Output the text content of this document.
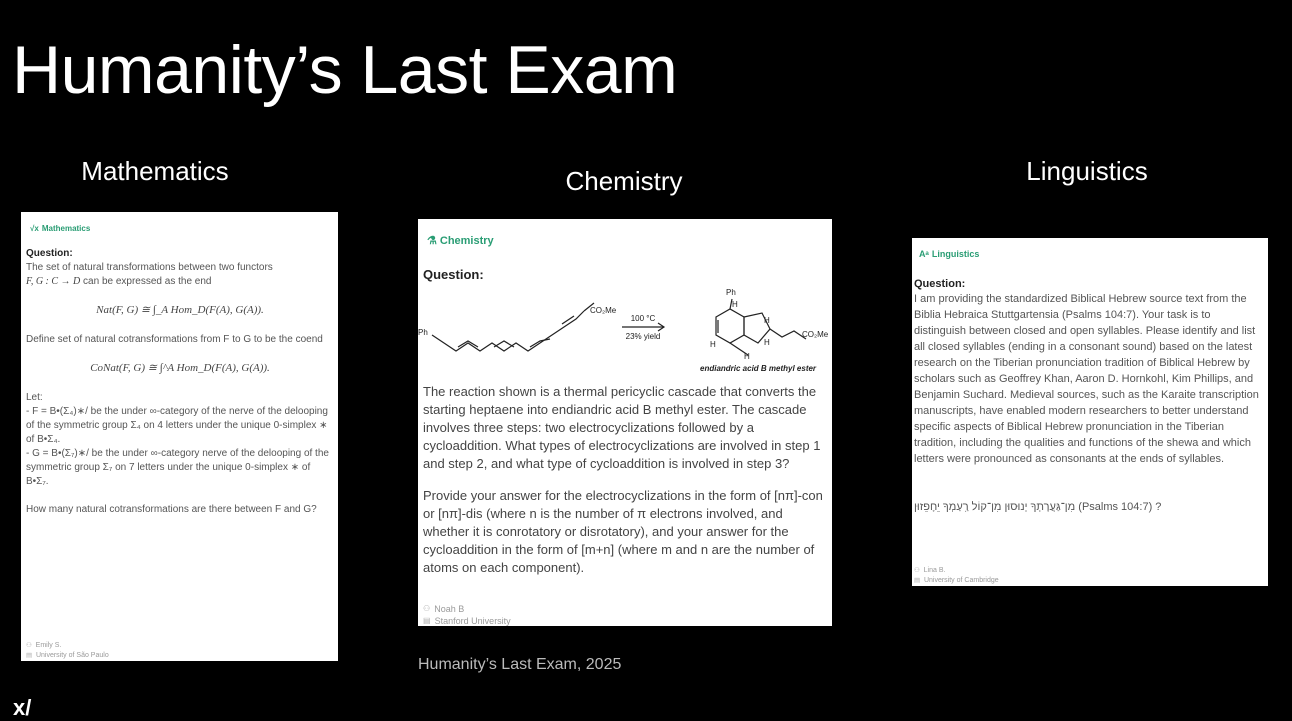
Humanity’s Last Exam
Mathematics	Chemistry	Linguistics
√x Mathematics
Question:
The set of natural transformations between two functors
F, G : C → D can be expressed as the end
Nat(F, G) ≅ ∫_A Hom_D(F(A), G(A)).
Define set of natural cotransformations from F to G to be the coend
CoNat(F, G) ≅ ∫^A Hom_D(F(A), G(A)).
Let:
- F = B•(Σ₄)∗/ be the under ∞-category of the nerve of the delooping of the symmetric group Σ₄ on 4 letters under the unique 0-simplex ∗ of B•Σ₄.
- G = B•(Σ₇)∗/ be the under ∞-category nerve of the delooping of the symmetric group Σ₇ on 7 letters under the unique 0-simplex ∗ of B•Σ₇.
How many natural cotransformations are there between F and G?
⚇ Emily S.
▤ University of São Paulo
⚗ Chemistry
Question:
Ph
CO₂Me
100 °C
23% yield
Ph
CO₂Me
H
H
H
H
H
endiandric acid B methyl ester
The reaction shown is a thermal pericyclic cascade that converts the starting heptaene into endiandric acid B methyl ester. The cascade involves three steps: two electrocyclizations followed by a cycloaddition. What types of electrocyclizations are involved in step 1 and step 2, and what type of cycloaddition is involved in step 3?
Provide your answer for the electrocyclizations in the form of [nπ]-con or [nπ]-dis (where n is the number of π electrons involved, and whether it is conrotatory or disrotatory), and your answer for the cycloaddition in the form of [m+n] (where m and n are the number of atoms on each component).
⚇ Noah B
▤ Stanford University
Aᵃ Linguistics
Question:
I am providing the standardized Biblical Hebrew source text from the Biblia Hebraica Stuttgartensia (Psalms 104:7). Your task is to distinguish between closed and open syllables. Please identify and list all closed syllables (ending in a consonant sound) based on the latest research on the Tiberian pronunciation tradition of Biblical Hebrew by scholars such as Geoffrey Khan, Aaron D. Hornkohl, Kim Phillips, and Benjamin Suchard. Medieval sources, such as the Karaite transcription manuscripts, have enabled modern researchers to better understand specific aspects of Biblical Hebrew pronunciation in the Tiberian tradition, including the qualities and functions of the shewa and which letters were pronounced as consonants at the ends of syllables.
מִן־גַּעֲרָתְךָ יְנוּסוּן מִן־קוֹל רַֽעַמְךָ יֵחָפֵזוּן (Psalms 104:7) ?
⚇ Lina B.
▤ University of Cambridge
Humanity’s Last Exam, 2025
x/
